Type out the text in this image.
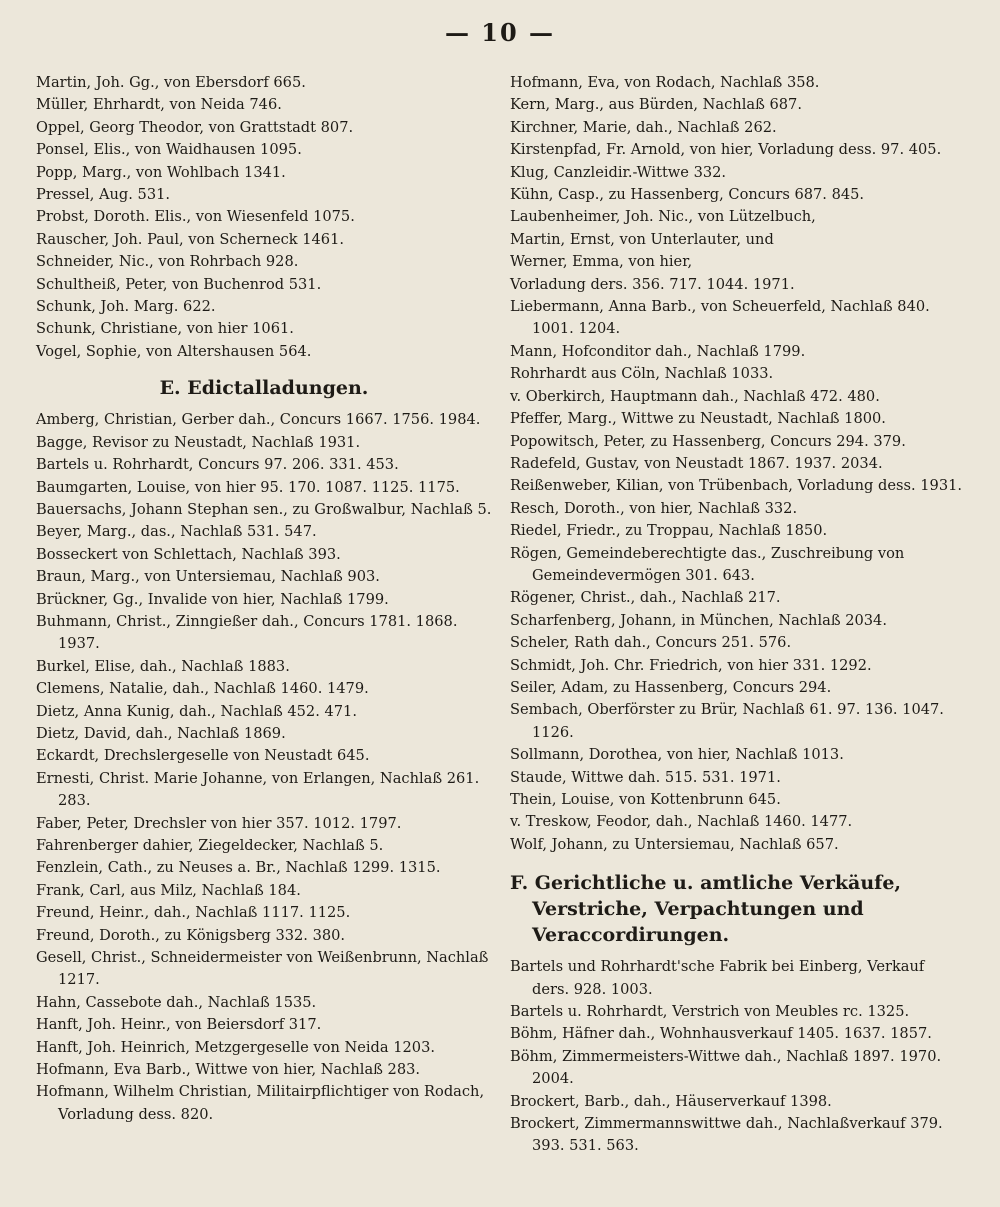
— 10 —
Martin, Joh. Gg., von Ebersdorf 665.
Müller, Ehrhardt, von Neida 746.
Oppel, Georg Theodor, von Grattstadt 807.
Ponsel, Elis., von Waidhausen 1095.
Popp, Marg., von Wohlbach 1341.
Pressel, Aug. 531.
Probst, Doroth. Elis., von Wiesenfeld 1075.
Rauscher, Joh. Paul, von Scherneck 1461.
Schneider, Nic., von Rohrbach 928.
Schultheiß, Peter, von Buchenrod 531.
Schunk, Joh. Marg. 622.
Schunk, Christiane, von hier 1061.
Vogel, Sophie, von Altershausen 564.
E. Edictalladungen.
Amberg, Christian, Gerber dah., Concurs 1667. 1756. 1984.
Bagge, Revisor zu Neustadt, Nachlaß 1931.
Bartels u. Rohrhardt, Concurs 97. 206. 331. 453.
Baumgarten, Louise, von hier 95. 170. 1087. 1125. 1175.
Bauersachs, Johann Stephan sen., zu Großwalbur, Nachlaß 5.
Beyer, Marg., das., Nachlaß 531. 547.
Bosseckert von Schlettach, Nachlaß 393.
Braun, Marg., von Untersiemau, Nachlaß 903.
Brückner, Gg., Invalide von hier, Nachlaß 1799.
Buhmann, Christ., Zinngießer dah., Concurs 1781. 1868. 1937.
Burkel, Elise, dah., Nachlaß 1883.
Clemens, Natalie, dah., Nachlaß 1460. 1479.
Dietz, Anna Kunig, dah., Nachlaß 452. 471.
Dietz, David, dah., Nachlaß 1869.
Eckardt, Drechslergeselle von Neustadt 645.
Ernesti, Christ. Marie Johanne, von Erlangen, Nachlaß 261. 283.
Faber, Peter, Drechsler von hier 357. 1012. 1797.
Fahrenberger dahier, Ziegeldecker, Nachlaß 5.
Fenzlein, Cath., zu Neuses a. Br., Nachlaß 1299. 1315.
Frank, Carl, aus Milz, Nachlaß 184.
Freund, Heinr., dah., Nachlaß 1117. 1125.
Freund, Doroth., zu Königsberg 332. 380.
Gesell, Christ., Schneidermeister von Weißenbrunn, Nachlaß 1217.
Hahn, Cassebote dah., Nachlaß 1535.
Hanft, Joh. Heinr., von Beiersdorf 317.
Hanft, Joh. Heinrich, Metzgergeselle von Neida 1203.
Hofmann, Eva Barb., Wittwe von hier, Nachlaß 283.
Hofmann, Wilhelm Christian, Militairpflichtiger von Rodach, Vorladung dess. 820.
Hofmann, Eva, von Rodach, Nachlaß 358.
Kern, Marg., aus Bürden, Nachlaß 687.
Kirchner, Marie, dah., Nachlaß 262.
Kirstenpfad, Fr. Arnold, von hier, Vorladung dess. 97. 405.
Klug, Canzleidir.-Wittwe 332.
Kühn, Casp., zu Hassenberg, Concurs 687. 845.
Laubenheimer, Joh. Nic., von Lützelbuch,
Martin, Ernst, von Unterlauter, und
Werner, Emma, von hier,
Vorladung ders. 356. 717. 1044. 1971.
Liebermann, Anna Barb., von Scheuerfeld, Nachlaß 840. 1001. 1204.
Mann, Hofconditor dah., Nachlaß 1799.
Rohrhardt aus Cöln, Nachlaß 1033.
v. Oberkirch, Hauptmann dah., Nachlaß 472. 480.
Pfeffer, Marg., Wittwe zu Neustadt, Nachlaß 1800.
Popowitsch, Peter, zu Hassenberg, Concurs 294. 379.
Radefeld, Gustav, von Neustadt 1867. 1937. 2034.
Reißenweber, Kilian, von Trübenbach, Vorladung dess. 1931.
Resch, Doroth., von hier, Nachlaß 332.
Riedel, Friedr., zu Troppau, Nachlaß 1850.
Rögen, Gemeindeberechtigte das., Zuschreibung von Gemeindevermögen 301. 643.
Rögener, Christ., dah., Nachlaß 217.
Scharfenberg, Johann, in München, Nachlaß 2034.
Scheler, Rath dah., Concurs 251. 576.
Schmidt, Joh. Chr. Friedrich, von hier 331. 1292.
Seiler, Adam, zu Hassenberg, Concurs 294.
Sembach, Oberförster zu Brür, Nachlaß 61. 97. 136. 1047. 1126.
Sollmann, Dorothea, von hier, Nachlaß 1013.
Staude, Wittwe dah. 515. 531. 1971.
Thein, Louise, von Kottenbrunn 645.
v. Treskow, Feodor, dah., Nachlaß 1460. 1477.
Wolf, Johann, zu Untersiemau, Nachlaß 657.
F. Gerichtliche u. amtliche Verkäufe, Verstriche, Verpachtungen und Veraccordirungen.
Bartels und Rohrhardt'sche Fabrik bei Einberg, Verkauf ders. 928. 1003.
Bartels u. Rohrhardt, Verstrich von Meubles rc. 1325.
Böhm, Häfner dah., Wohnhausverkauf 1405. 1637. 1857.
Böhm, Zimmermeisters-Wittwe dah., Nachlaß 1897. 1970. 2004.
Brockert, Barb., dah., Häuserverkauf 1398.
Brockert, Zimmermannswittwe dah., Nachlaßverkauf 379. 393. 531. 563.
